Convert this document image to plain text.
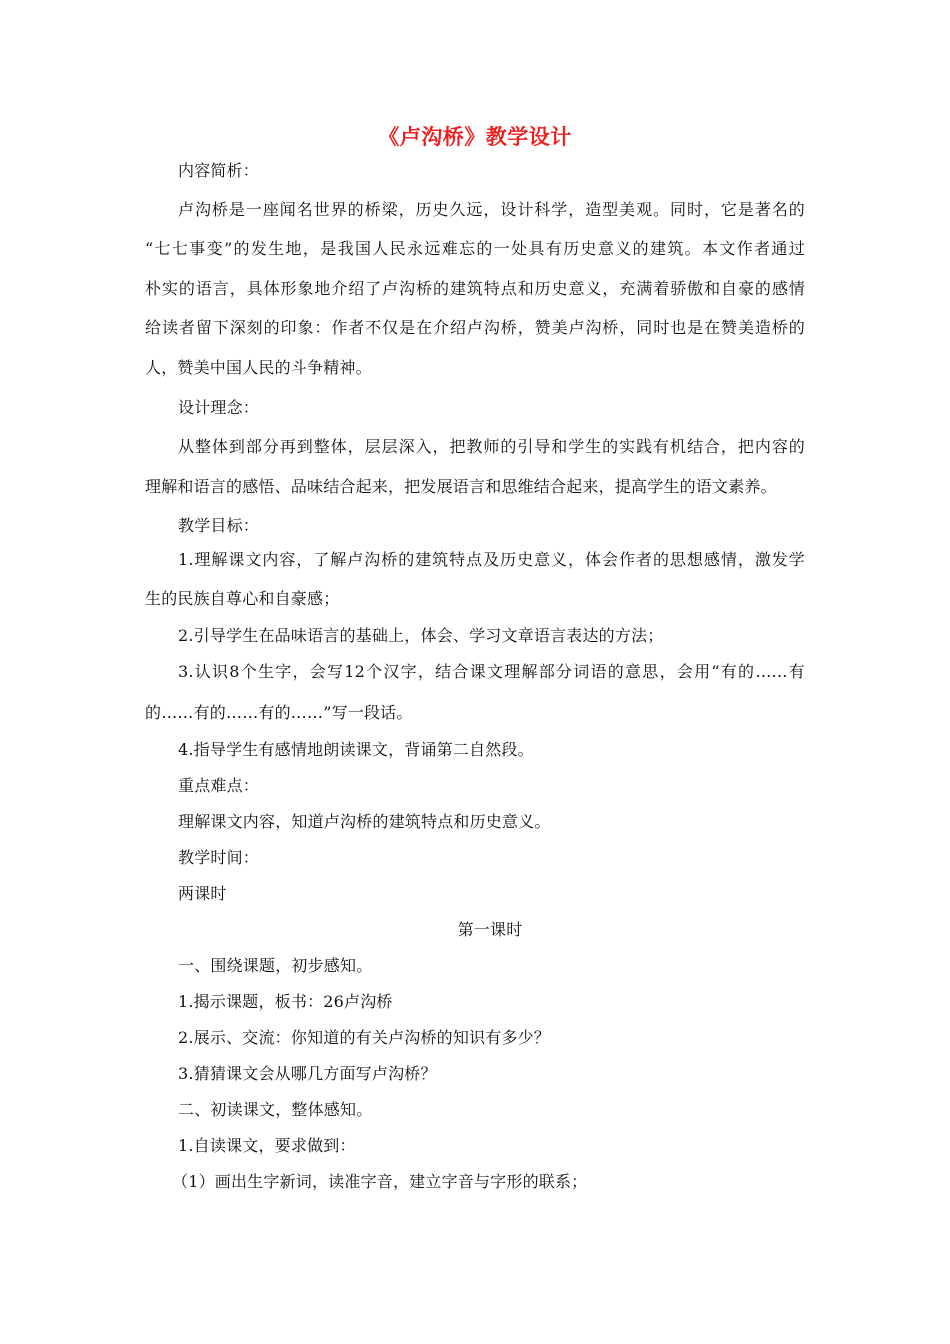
《卢沟桥》教学设计
内容简析：
卢沟桥是一座闻名世界的桥梁，历史久远，设计科学，造型美观。同时，它是著名的
“七七事变”的发生地，是我国人民永远难忘的一处具有历史意义的建筑。本文作者通过
朴实的语言，具体形象地介绍了卢沟桥的建筑特点和历史意义，充满着骄傲和自豪的感情
给读者留下深刻的印象：作者不仅是在介绍卢沟桥，赞美卢沟桥，同时也是在赞美造桥的
人，赞美中国人民的斗争精神。
设计理念：
从整体到部分再到整体，层层深入，把教师的引导和学生的实践有机结合，把内容的
理解和语言的感悟、品味结合起来，把发展语言和思维结合起来，提高学生的语文素养。
教学目标：
1.理解课文内容，了解卢沟桥的建筑特点及历史意义，体会作者的思想感情，激发学
生的民族自尊心和自豪感；
2.引导学生在品味语言的基础上，体会、学习文章语言表达的方法；
3.认识8个生字，会写12个汉字，结合课文理解部分词语的意思，会用“有的……有
的……有的……有的……”写一段话。
4.指导学生有感情地朗读课文，背诵第二自然段。
重点难点：
理解课文内容，知道卢沟桥的建筑特点和历史意义。
教学时间：
两课时
第一课时
一、围绕课题，初步感知。
1.揭示课题，板书：26卢沟桥
2.展示、交流：你知道的有关卢沟桥的知识有多少？
3.猜猜课文会从哪几方面写卢沟桥？
二、初读课文，整体感知。
1.自读课文，要求做到：
（1）画出生字新词，读准字音，建立字音与字形的联系；
